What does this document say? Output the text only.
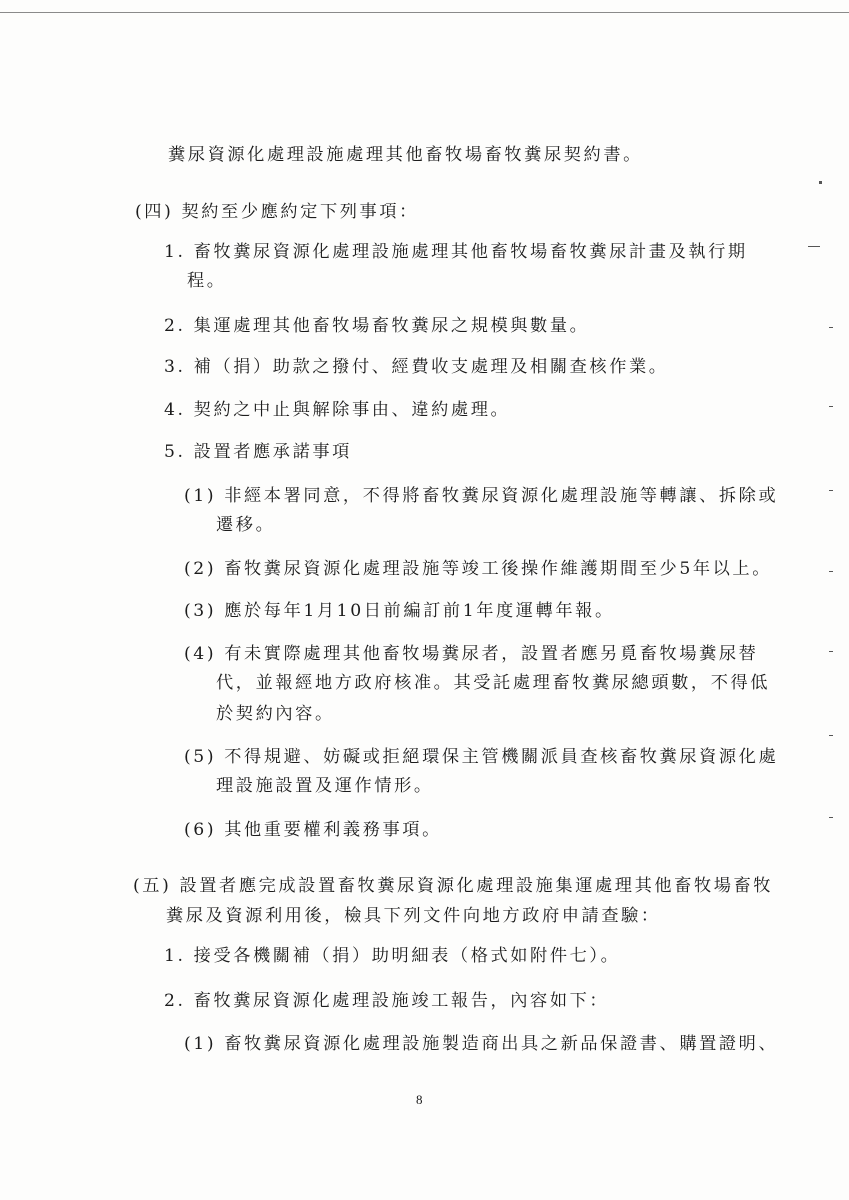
糞尿資源化處理設施處理其他畜牧場畜牧糞尿契約書。
(四) 契約至少應約定下列事項：
1. 畜牧糞尿資源化處理設施處理其他畜牧場畜牧糞尿計畫及執行期
程。
2. 集運處理其他畜牧場畜牧糞尿之規模與數量。
3. 補（捐）助款之撥付、經費收支處理及相關查核作業。
4. 契約之中止與解除事由、違約處理。
5. 設置者應承諾事項
(1) 非經本署同意，不得將畜牧糞尿資源化處理設施等轉讓、拆除或
遷移。
(2) 畜牧糞尿資源化處理設施等竣工後操作維護期間至少5年以上。
(3) 應於每年1月10日前編訂前1年度運轉年報。
(4) 有未實際處理其他畜牧場糞尿者，設置者應另覓畜牧場糞尿替
代，並報經地方政府核准。其受託處理畜牧糞尿總頭數，不得低
於契約內容。
(5) 不得規避、妨礙或拒絕環保主管機關派員查核畜牧糞尿資源化處
理設施設置及運作情形。
(6) 其他重要權利義務事項。
(五) 設置者應完成設置畜牧糞尿資源化處理設施集運處理其他畜牧場畜牧
糞尿及資源利用後，檢具下列文件向地方政府申請查驗：
1. 接受各機關補（捐）助明細表（格式如附件七）。
2. 畜牧糞尿資源化處理設施竣工報告，內容如下：
(1) 畜牧糞尿資源化處理設施製造商出具之新品保證書、購置證明、
8
